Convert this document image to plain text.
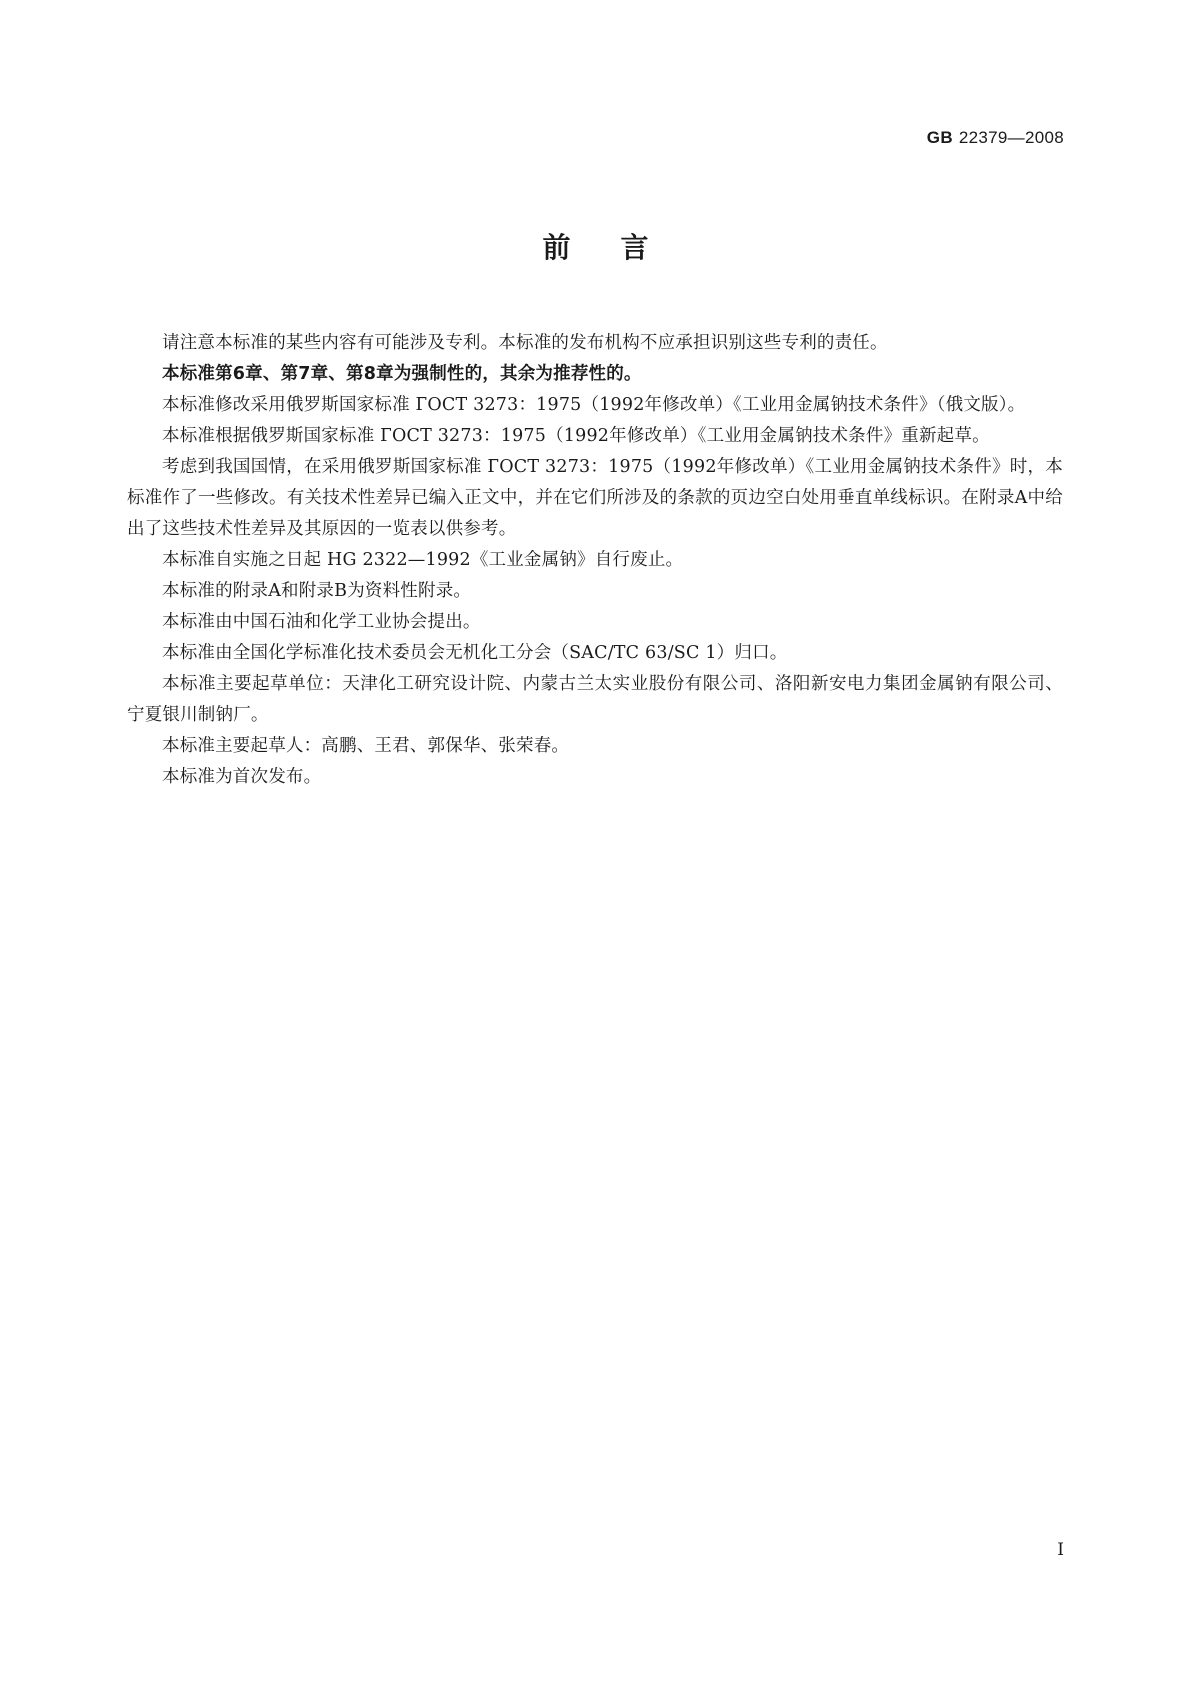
GB 22379—2008
前言

请注意本标准的某些内容有可能涉及专利。本标准的发布机构不应承担识别这些专利的责任。

本标准第6章、第7章、第8章为强制性的，其余为推荐性的。

本标准修改采用俄罗斯国家标准 ГОСТ 3273：1975（1992年修改单）《工业用金属钠技术条件》（俄文版）。

本标准根据俄罗斯国家标准 ГОСТ 3273：1975（1992年修改单）《工业用金属钠技术条件》重新起草。

考虑到我国国情，在采用俄罗斯国家标准 ГОСТ 3273：1975（1992年修改单）《工业用金属钠技术条件》时，本标准作了一些修改。有关技术性差异已编入正文中，并在它们所涉及的条款的页边空白处用垂直单线标识。在附录A中给出了这些技术性差异及其原因的一览表以供参考。

本标准自实施之日起 HG 2322—1992《工业金属钠》自行废止。

本标准的附录A和附录B为资料性附录。

本标准由中国石油和化学工业协会提出。

本标准由全国化学标准化技术委员会无机化工分会（SAC/TC 63/SC 1）归口。

本标准主要起草单位：天津化工研究设计院、内蒙古兰太实业股份有限公司、洛阳新安电力集团金属钠有限公司、宁夏银川制钠厂。

本标准主要起草人：高鹏、王君、郭保华、张荣春。

本标准为首次发布。

I
